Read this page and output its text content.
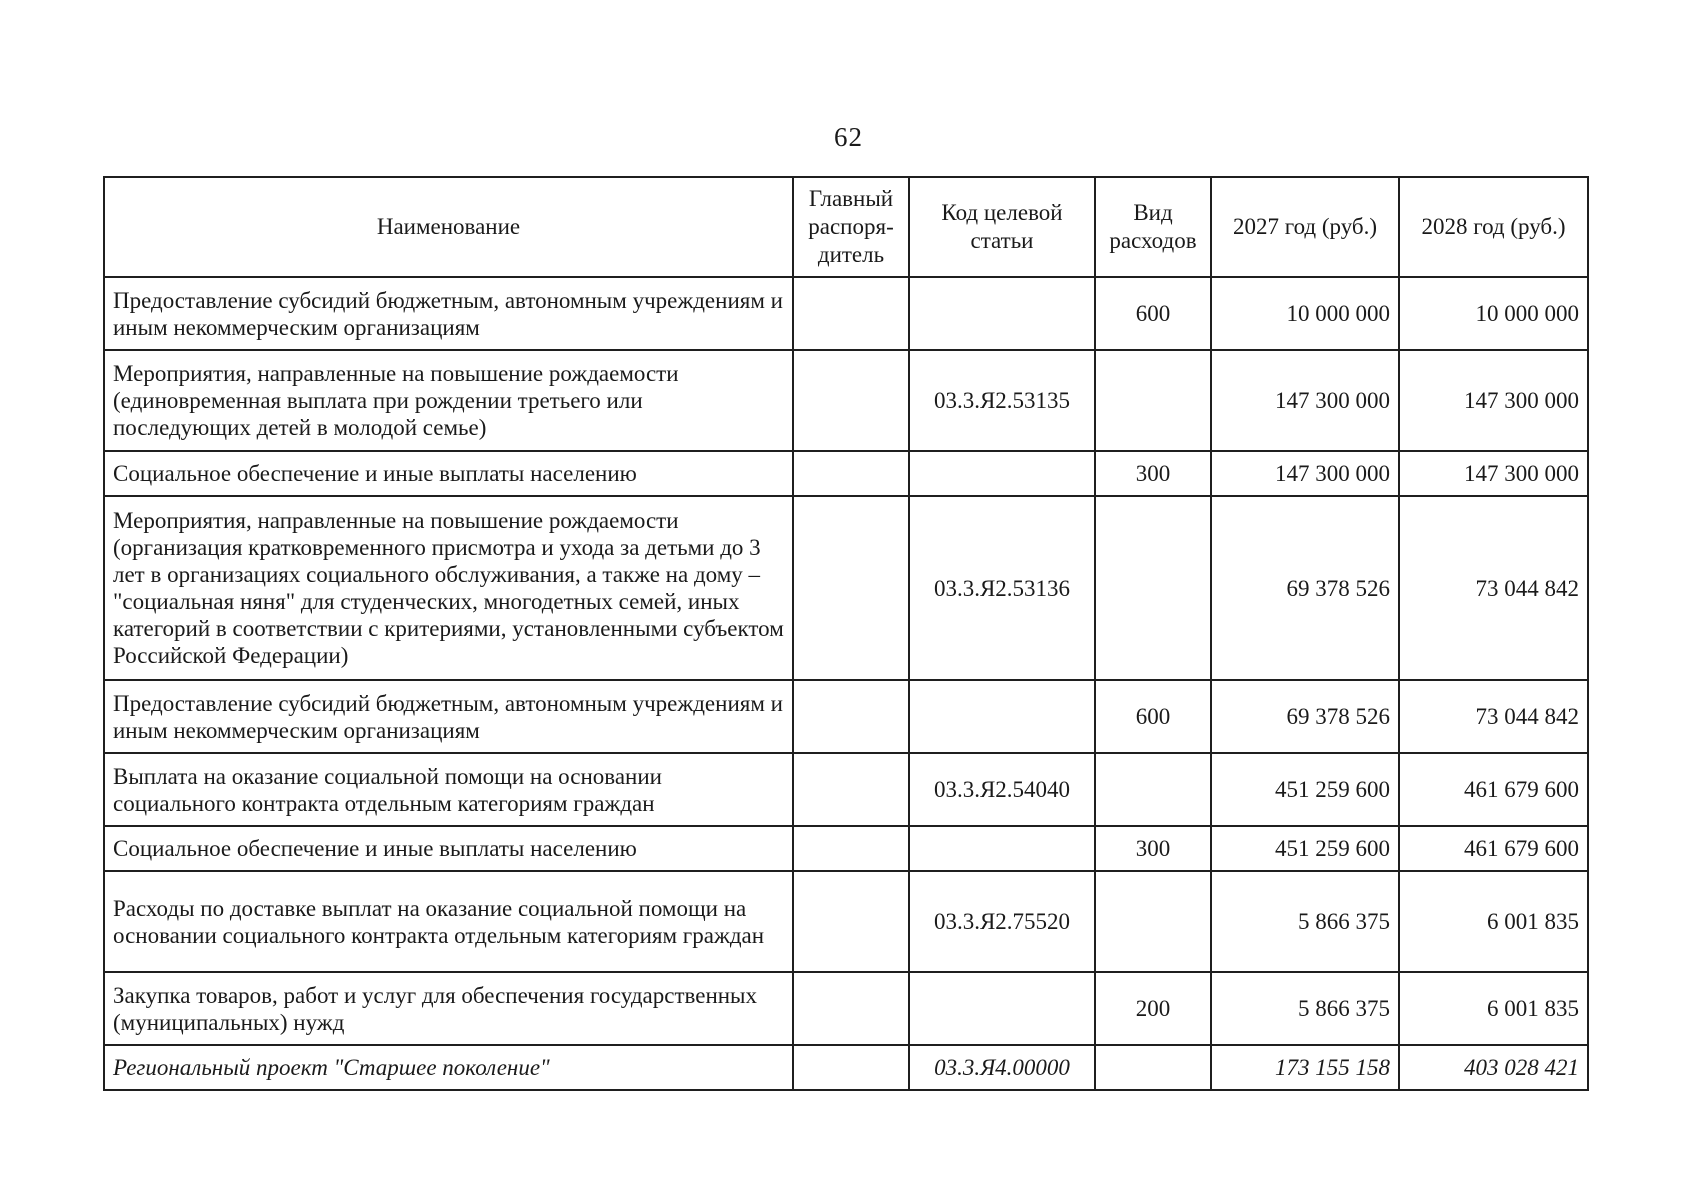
62
Наименование	Главный распоря-дитель	Код целевой статьи	Вид расходов	2027 год (руб.)	2028 год (руб.)
Предоставление субсидий бюджетным, автономным учреждениям и иным некоммерческим организациям			600	10 000 000	10 000 000
Мероприятия, направленные на повышение рождаемости (единовременная выплата при рождении третьего или последующих детей в молодой семье)		03.3.Я2.53135		147 300 000	147 300 000
Социальное обеспечение и иные выплаты населению			300	147 300 000	147 300 000
Мероприятия, направленные на повышение рождаемости (организация кратковременного присмотра и ухода за детьми до 3 лет в организациях социального обслуживания, а также на дому – "социальная няня" для студенческих, многодетных семей, иных категорий в соответствии с критериями, установленными субъектом Российской Федерации)		03.3.Я2.53136		69 378 526	73 044 842
Предоставление субсидий бюджетным, автономным учреждениям и иным некоммерческим организациям			600	69 378 526	73 044 842
Выплата на оказание социальной помощи на основании социального контракта отдельным категориям граждан		03.3.Я2.54040		451 259 600	461 679 600
Социальное обеспечение и иные выплаты населению			300	451 259 600	461 679 600
Расходы по доставке выплат на оказание социальной помощи на основании социального контракта отдельным категориям граждан		03.3.Я2.75520		5 866 375	6 001 835
Закупка товаров, работ и услуг для обеспечения государственных (муниципальных) нужд			200	5 866 375	6 001 835
Региональный проект "Старшее поколение"		03.3.Я4.00000		173 155 158	403 028 421
